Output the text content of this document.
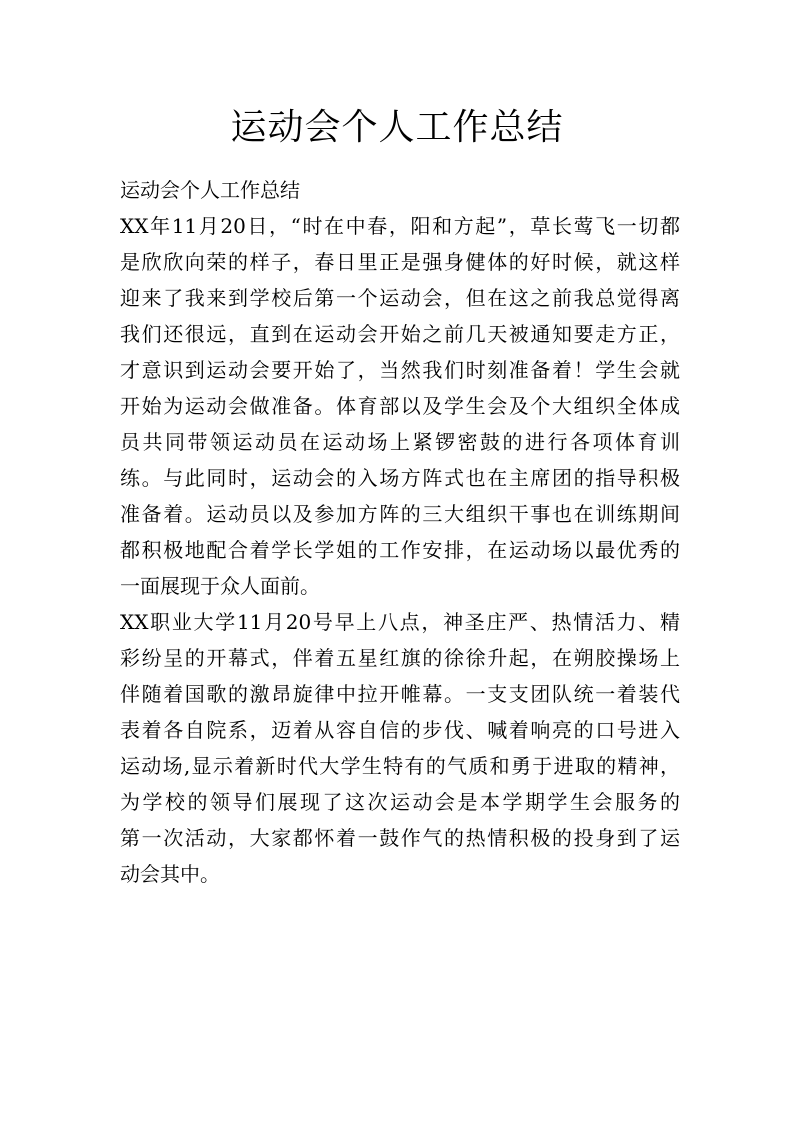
运动会个人工作总结
运动会个人工作总结
XX年11月20日，“时在中春，阳和方起”，草长莺飞一切都
是欣欣向荣的样子，春日里正是强身健体的好时候，就这样
迎来了我来到学校后第一个运动会，但在这之前我总觉得离
我们还很远，直到在运动会开始之前几天被通知要走方正，
才意识到运动会要开始了，当然我们时刻准备着！学生会就
开始为运动会做准备。体育部以及学生会及个大组织全体成
员共同带领运动员在运动场上紧锣密鼓的进行各项体育训
练。与此同时，运动会的入场方阵式也在主席团的指导积极
准备着。运动员以及参加方阵的三大组织干事也在训练期间
都积极地配合着学长学姐的工作安排，在运动场以最优秀的
一面展现于众人面前。
XX职业大学11月20号早上八点，神圣庄严、热情活力、精
彩纷呈的开幕式，伴着五星红旗的徐徐升起，在朔胶操场上
伴随着国歌的激昂旋律中拉开帷幕。一支支团队统一着装代
表着各自院系，迈着从容自信的步伐、喊着响亮的口号进入
运动场,显示着新时代大学生特有的气质和勇于进取的精神，
为学校的领导们展现了这次运动会是本学期学生会服务的
第一次活动，大家都怀着一鼓作气的热情积极的投身到了运
动会其中。
